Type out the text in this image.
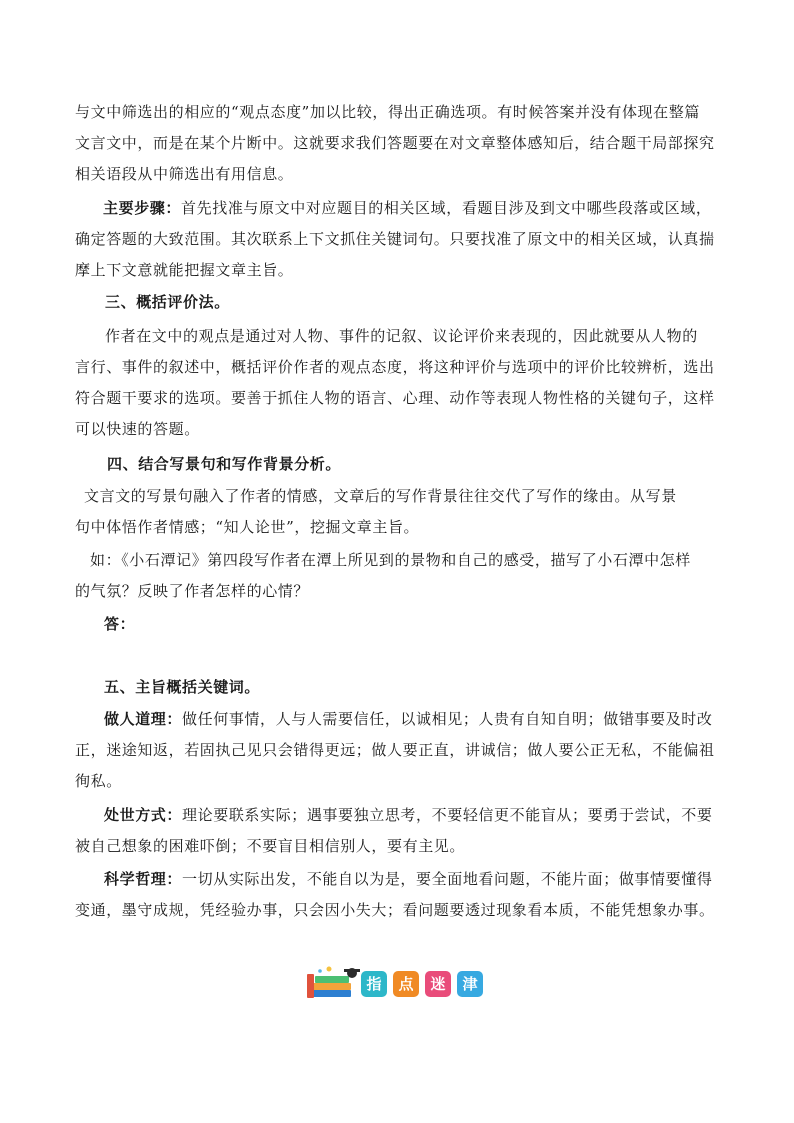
与文中筛选出的相应的“观点态度”加以比较，得出正确选项。有时候答案并没有体现在整篇
文言文中，而是在某个片断中。这就要求我们答题要在对文章整体感知后，结合题干局部探究
相关语段从中筛选出有用信息。
主要步骤：首先找准与原文中对应题目的相关区域，看题目涉及到文中哪些段落或区域，
确定答题的大致范围。其次联系上下文抓住关键词句。只要找准了原文中的相关区域，认真揣
摩上下文意就能把握文章主旨。
三、概括评价法。
作者在文中的观点是通过对人物、事件的记叙、议论评价来表现的，因此就要从人物的
言行、事件的叙述中，概括评价作者的观点态度，将这种评价与选项中的评价比较辨析，选出
符合题干要求的选项。要善于抓住人物的语言、心理、动作等表现人物性格的关键句子，这样
可以快速的答题。
四、结合写景句和写作背景分析。
文言文的写景句融入了作者的情感，文章后的写作背景往往交代了写作的缘由。从写景
句中体悟作者情感；“知人论世”，挖掘文章主旨。
如：《小石潭记》第四段写作者在潭上所见到的景物和自己的感受，描写了小石潭中怎样
的气氛？反映了作者怎样的心情？
答：
五、主旨概括关键词。
做人道理：做任何事情，人与人需要信任，以诚相见；人贵有自知自明；做错事要及时改
正，迷途知返，若固执己见只会错得更远；做人要正直，讲诚信；做人要公正无私，不能偏祖
徇私。
处世方式：理论要联系实际；遇事要独立思考，不要轻信更不能盲从；要勇于尝试，不要
被自己想象的困难吓倒；不要盲目相信别人，要有主见。
科学哲理：一切从实际出发，不能自以为是，要全面地看问题，不能片面；做事情要懂得
变通，墨守成规，凭经验办事，只会因小失大；看问题要透过现象看本质，不能凭想象办事。
指	点	迷	津
